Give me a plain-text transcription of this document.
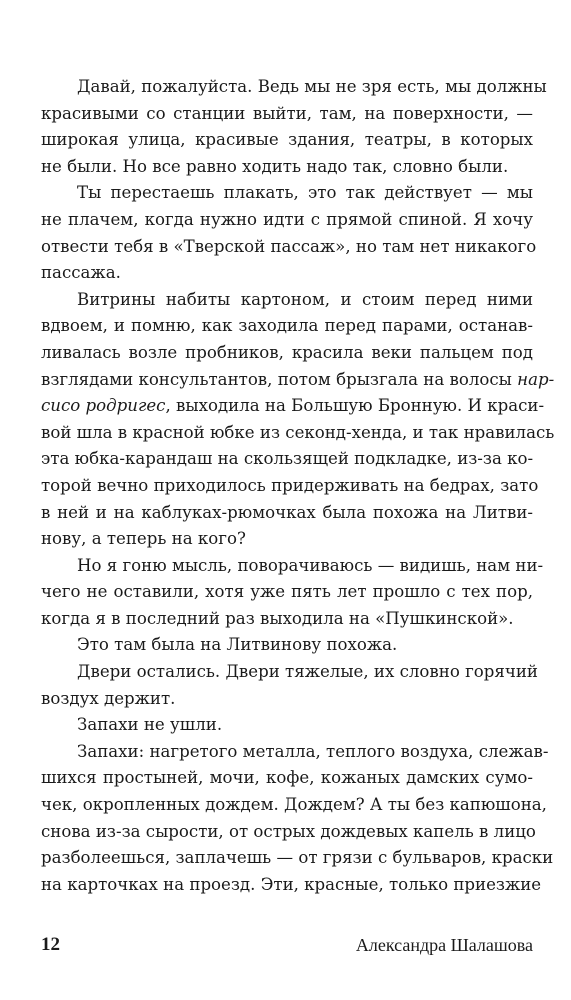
Давай, пожалуйста. Ведь мы не зря есть, мы должны
красивыми со станции выйти, там, на поверхности, —
широкая улица, красивые здания, театры, в которых
не были. Но все равно ходить надо так, словно были.
Ты перестаешь плакать, это так действует — мы
не плачем, когда нужно идти с прямой спиной. Я хочу
отвести тебя в «Тверской пассаж», но там нет никакого
пассажа.
Витрины набиты картоном, и стоим перед ними
вдвоем, и помню, как заходила перед парами, останав-
ливалась возле пробников, красила веки пальцем под
взглядами консультантов, потом брызгала на волосы нар-
сисо родригес, выходила на Большую Бронную. И краси-
вой шла в красной юбке из секонд-хенда, и так нравилась
эта юбка-карандаш на скользящей подкладке, из-за ко-
торой вечно приходилось придерживать на бедрах, зато
в ней и на каблуках-рюмочках была похожа на Литви-
нову, а теперь на кого?
Но я гоню мысль, поворачиваюсь — видишь, нам ни-
чего не оставили, хотя уже пять лет прошло с тех пор,
когда я в последний раз выходила на «Пушкинской».
Это там была на Литвинову похожа.
Двери остались. Двери тяжелые, их словно горячий
воздух держит.
Запахи не ушли.
Запахи: нагретого металла, теплого воздуха, слежав-
шихся простыней, мочи, кофе, кожаных дамских сумо-
чек, окропленных дождем. Дождем? А ты без капюшона,
снова из-за сырости, от острых дождевых капель в лицо
разболеешься, заплачешь — от грязи с бульваров, краски
на карточках на проезд. Эти, красные, только приезжие
12	Александра Шалашова
